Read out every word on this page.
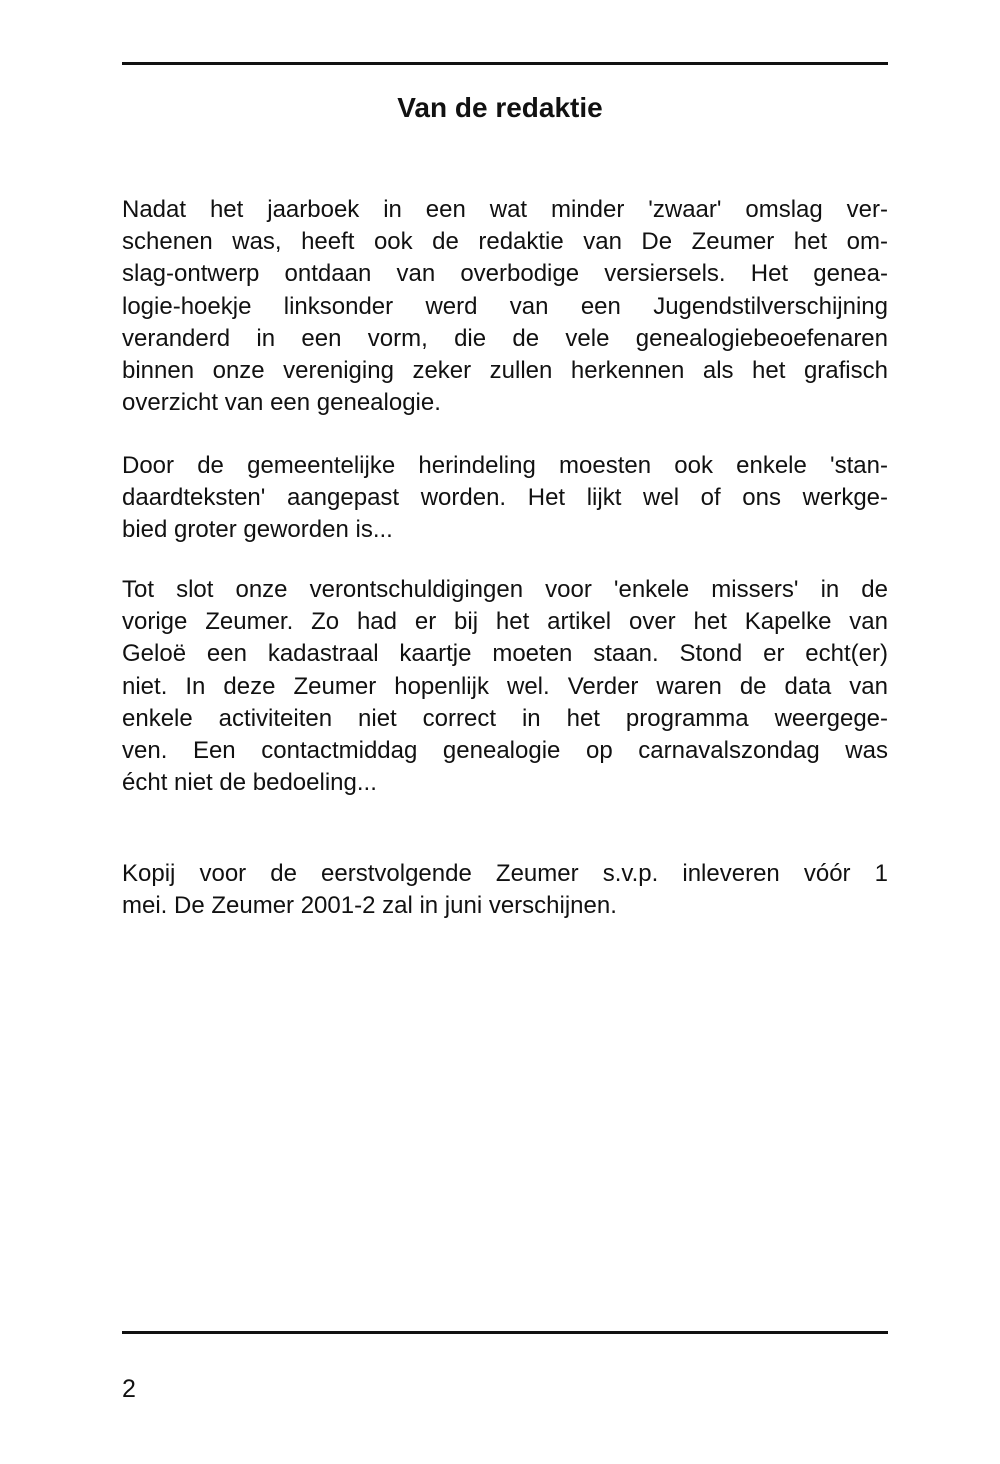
Van de redaktie

Nadat het jaarboek in een wat minder 'zwaar' omslag ver-
schenen was, heeft ook de redaktie van De Zeumer het om-
slag-ontwerp ontdaan van overbodige versiersels. Het genea-
logie-hoekje linksonder werd van een Jugendstilverschijning
veranderd in een vorm, die de vele genealogiebeoefenaren
binnen onze vereniging zeker zullen herkennen als het grafisch
overzicht van een genealogie.

Door de gemeentelijke herindeling moesten ook enkele 'stan-
daardteksten' aangepast worden. Het lijkt wel of ons werkge-
bied groter geworden is...

Tot slot onze verontschuldigingen voor 'enkele missers' in de
vorige Zeumer. Zo had er bij het artikel over het Kapelke van
Geloë een kadastraal kaartje moeten staan. Stond er echt(er)
niet. In deze Zeumer hopenlijk wel. Verder waren de data van
enkele activiteiten niet correct in het programma weergege-
ven. Een contactmiddag genealogie op carnavalszondag was
écht niet de bedoeling...

Kopij voor de eerstvolgende Zeumer s.v.p. inleveren vóór 1
mei. De Zeumer 2001-2 zal in juni verschijnen.

2
